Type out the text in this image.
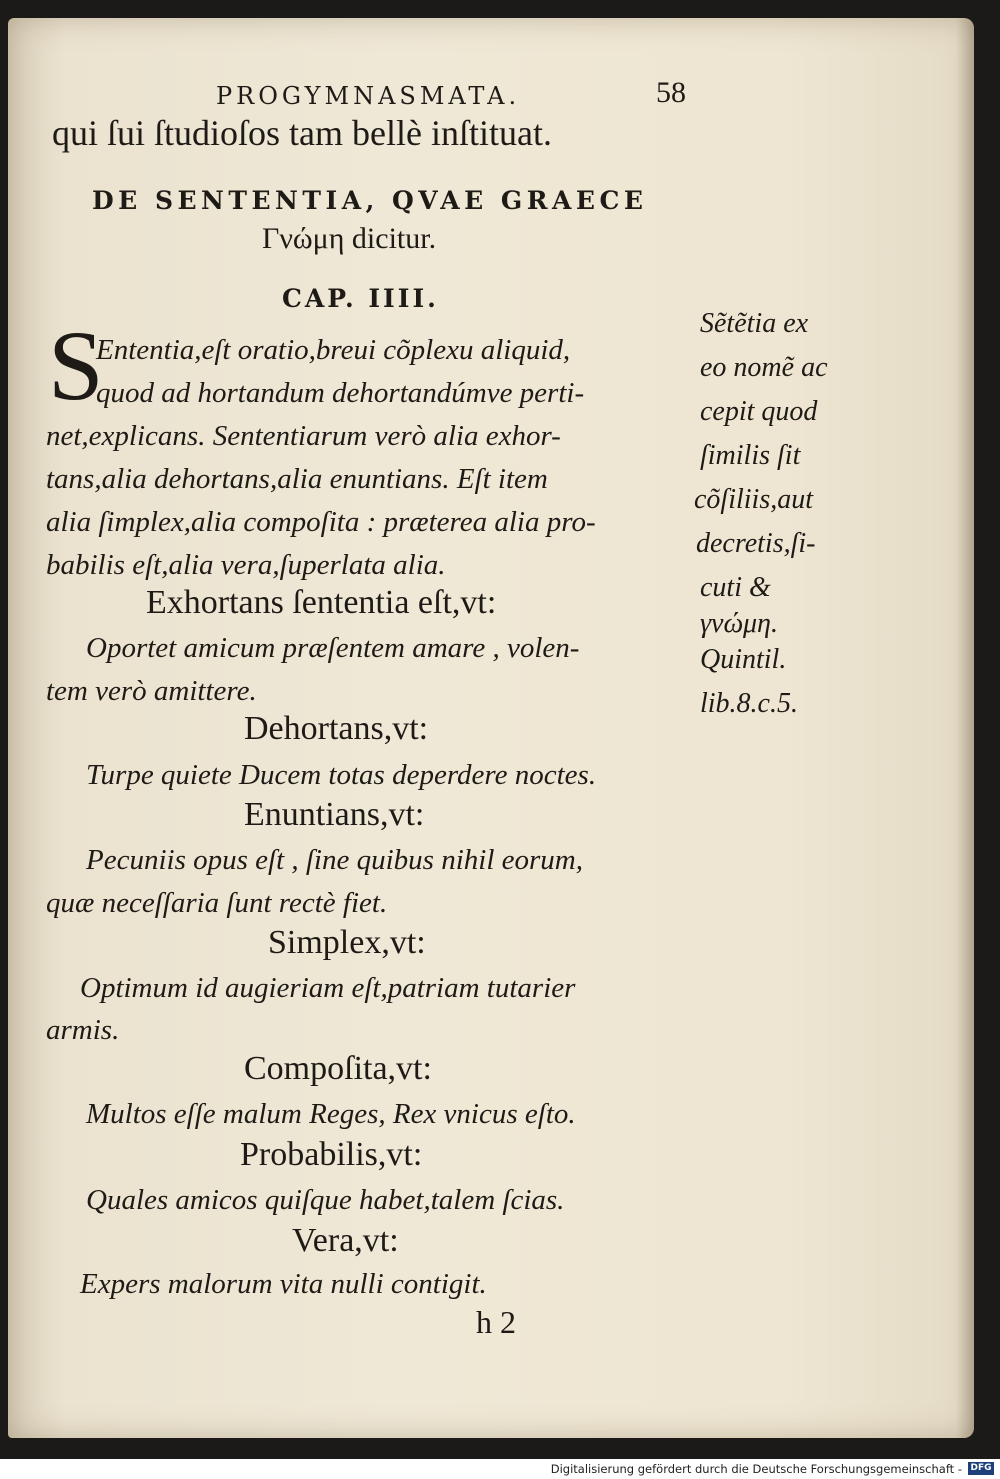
PROGYMNASMATA.	58
qui ſui ſtudioſos tam bellè inſtituat.
DE SENTENTIA, QVAE GRAECE
Γνώμη dicitur.
CAP. IIII.
S
Ententia,eſt oratio,breui cõplexu aliquid,
quod ad hortandum dehortandúmve perti-
net,explicans. Sententiarum verò alia exhor-
tans,alia dehortans,alia enuntians. Eſt item
alia ſimplex,alia compoſita : præterea alia pro-
babilis eſt,alia vera,ſuperlata alia.
Exhortans ſententia eſt,vt:
Oportet amicum præſentem amare , volen-
tem verò amittere.
Dehortans,vt:
Turpe quiete Ducem totas deperdere noctes.
Enuntians,vt:
Pecuniis opus eſt , ſine quibus nihil eorum,
quæ neceſſaria ſunt rectè fiet.
Simplex,vt:
Optimum id augieriam eſt,patriam tutarier
armis.
Compoſita,vt:
Multos eſſe malum Reges, Rex vnicus eſto.
Probabilis,vt:
Quales amicos quiſque habet,talem ſcias.
Vera,vt:
Expers malorum vita nulli contigit.
h 2
Sẽtẽtia ex
eo nomẽ ac
cepit quod
ſimilis ſit
cõſiliis,aut
decretis,ſi-
cuti &
γνώμη.
Quintil.
lib.8.c.5.
Digitalisierung gefördert durch die Deutsche Forschungsgemeinschaft - DFG
